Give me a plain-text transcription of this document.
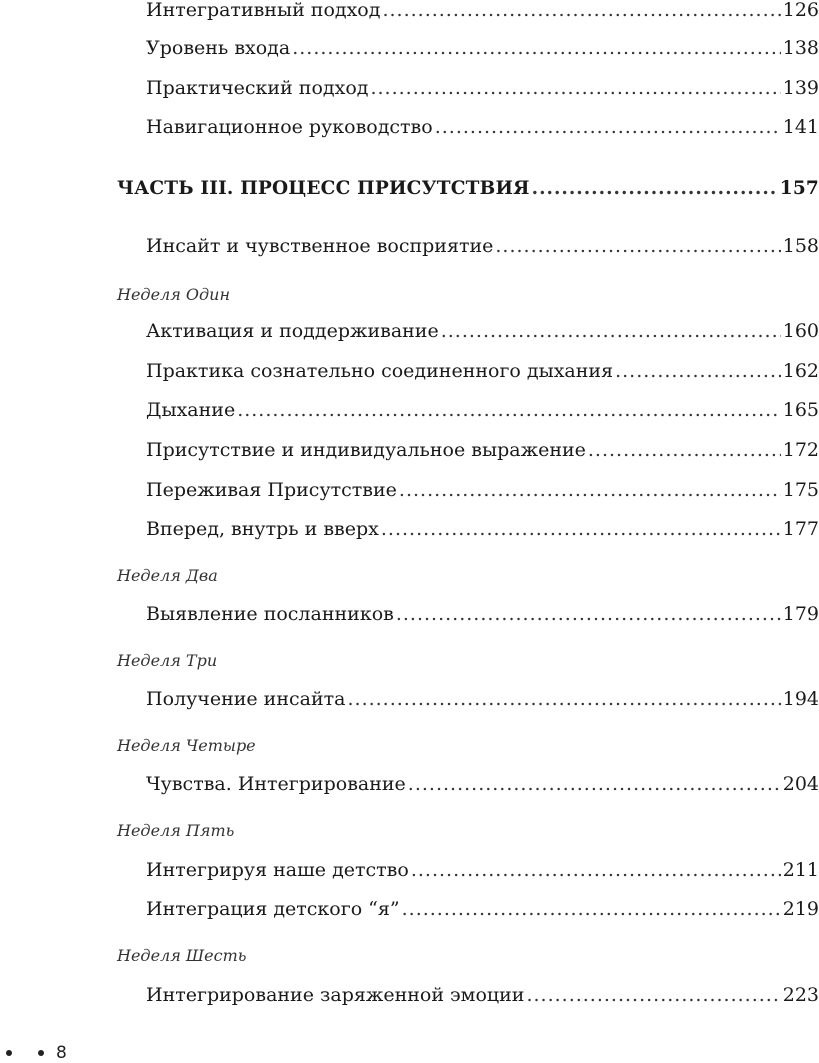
Интегративный подход .....	126
Уровень входа .....	138
Практический подход .....	139
Навигационное руководство .....	141
ЧАСТЬ III. ПРОЦЕСС ПРИСУТСТВИЯ .....	157
Инсайт и чувственное восприятие .....	158
Неделя Один
Активация и поддерживание .....	160
Практика сознательно соединенного дыхания .....	162
Дыхание .....	165
Присутствие и индивидуальное выражение .....	172
Переживая Присутствие .....	175
Вперед, внутрь и вверх .....	177
Неделя Два
Выявление посланников .....	179
Неделя Три
Получение инсайта .....	194
Неделя Четыре
Чувства. Интегрирование .....	204
Неделя Пять
Интегрируя наше детство .....	211
Интеграция детского “я” .....	219
Неделя Шесть
Интегрирование заряженной эмоции .....	223
8
